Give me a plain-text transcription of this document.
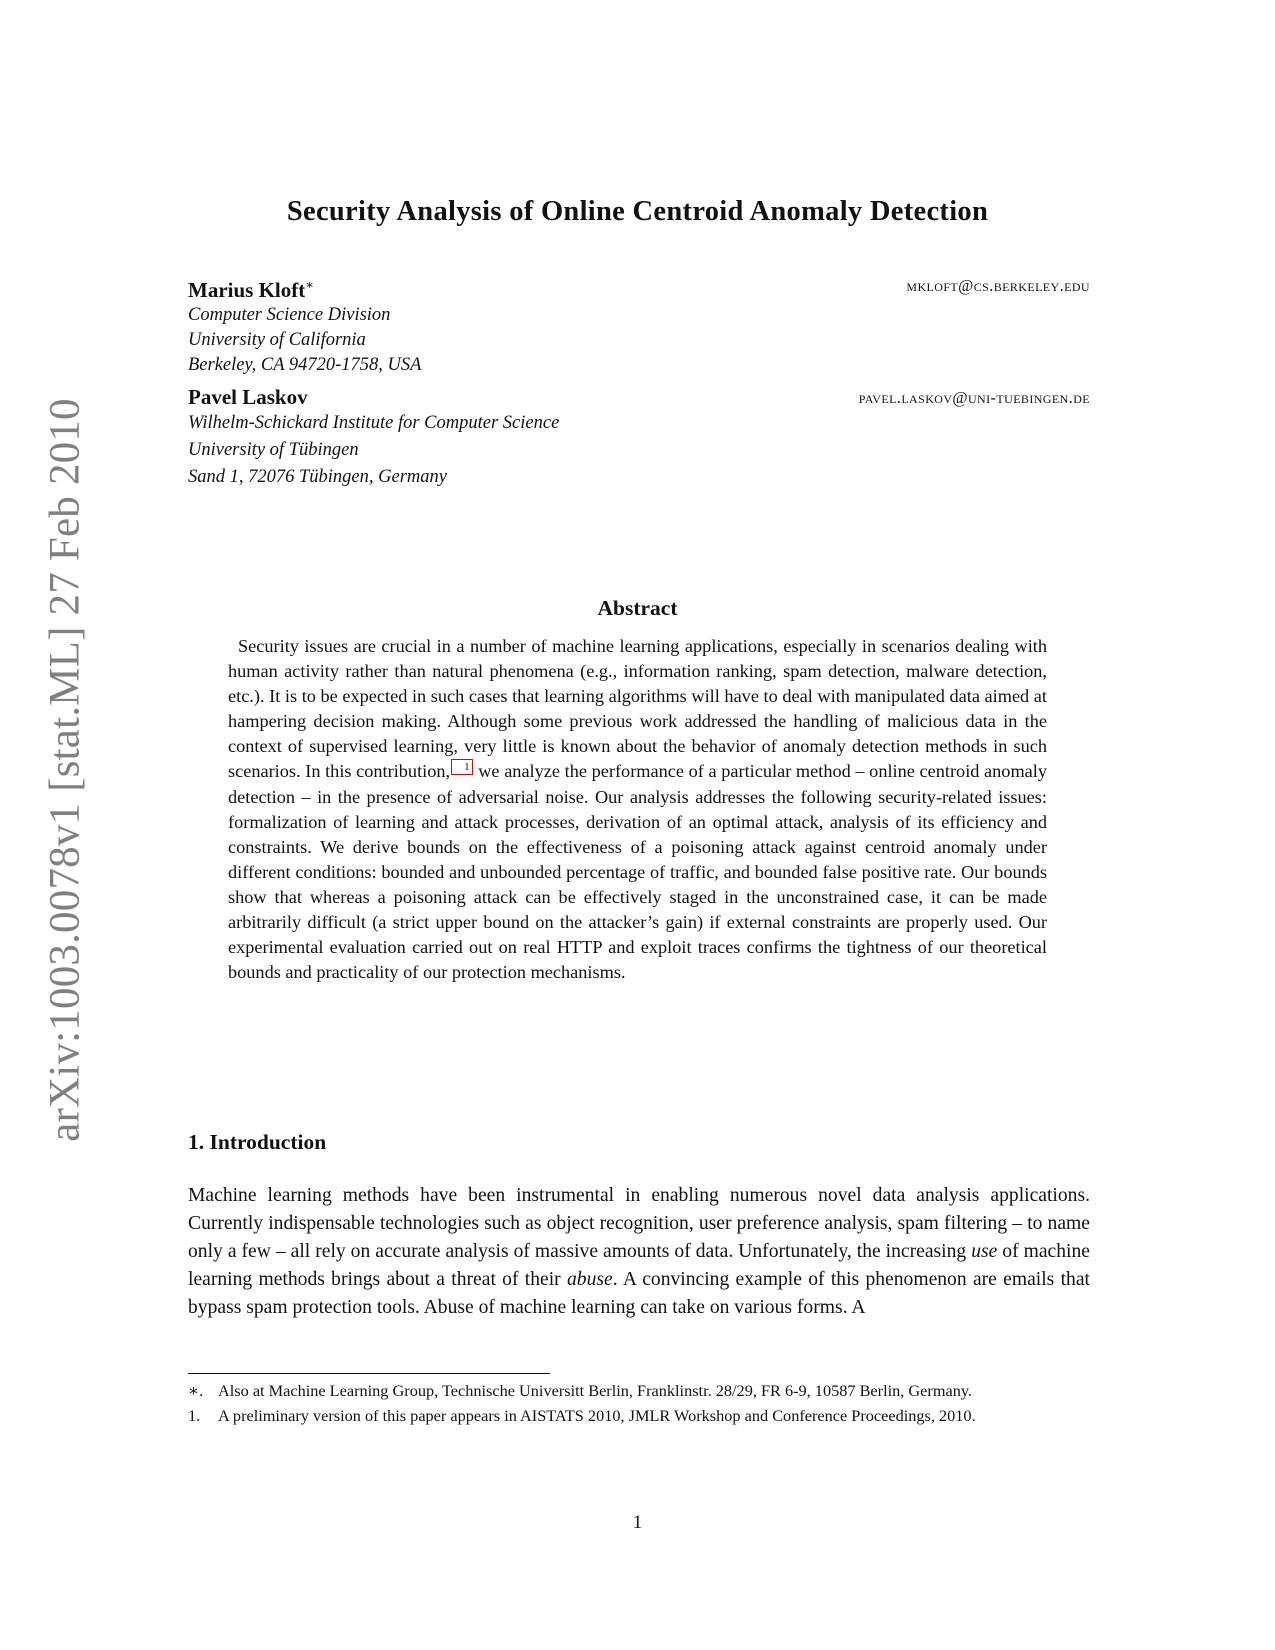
arXiv:1003.0078v1 [stat.ML] 27 Feb 2010
Security Analysis of Online Centroid Anomaly Detection
Marius Kloft∗	mkloft@cs.berkeley.edu
Computer Science Division
University of California
Berkeley, CA 94720-1758, USA
Pavel Laskov	pavel.laskov@uni-tuebingen.de
Wilhelm-Schickard Institute for Computer Science
University of Tübingen
Sand 1, 72076 Tübingen, Germany
Abstract
Security issues are crucial in a number of machine learning applications, especially in scenarios dealing with human activity rather than natural phenomena (e.g., information ranking, spam detection, malware detection, etc.). It is to be expected in such cases that learning algorithms will have to deal with manipulated data aimed at hampering decision making. Although some previous work addressed the handling of malicious data in the context of supervised learning, very little is known about the behavior of anomaly detection methods in such scenarios. In this contribution, 1 we analyze the performance of a particular method – online centroid anomaly detection – in the presence of adversarial noise. Our analysis addresses the following security-related issues: formalization of learning and attack processes, derivation of an optimal attack, analysis of its efficiency and constraints. We derive bounds on the effectiveness of a poisoning attack against centroid anomaly under different conditions: bounded and unbounded percentage of traffic, and bounded false positive rate. Our bounds show that whereas a poisoning attack can be effectively staged in the unconstrained case, it can be made arbitrarily difficult (a strict upper bound on the attacker’s gain) if external constraints are properly used. Our experimental evaluation carried out on real HTTP and exploit traces confirms the tightness of our theoretical bounds and practicality of our protection mechanisms.
1. Introduction
Machine learning methods have been instrumental in enabling numerous novel data analysis applications. Currently indispensable technologies such as object recognition, user preference analysis, spam filtering – to name only a few – all rely on accurate analysis of massive amounts of data. Unfortunately, the increasing use of machine learning methods brings about a threat of their abuse. A convincing example of this phenomenon are emails that bypass spam protection tools. Abuse of machine learning can take on various forms. A
∗. Also at Machine Learning Group, Technische Universitt Berlin, Franklinstr. 28/29, FR 6-9, 10587 Berlin, Germany.
1.	A preliminary version of this paper appears in AISTATS 2010, JMLR Workshop and Conference Proceedings, 2010.
1
